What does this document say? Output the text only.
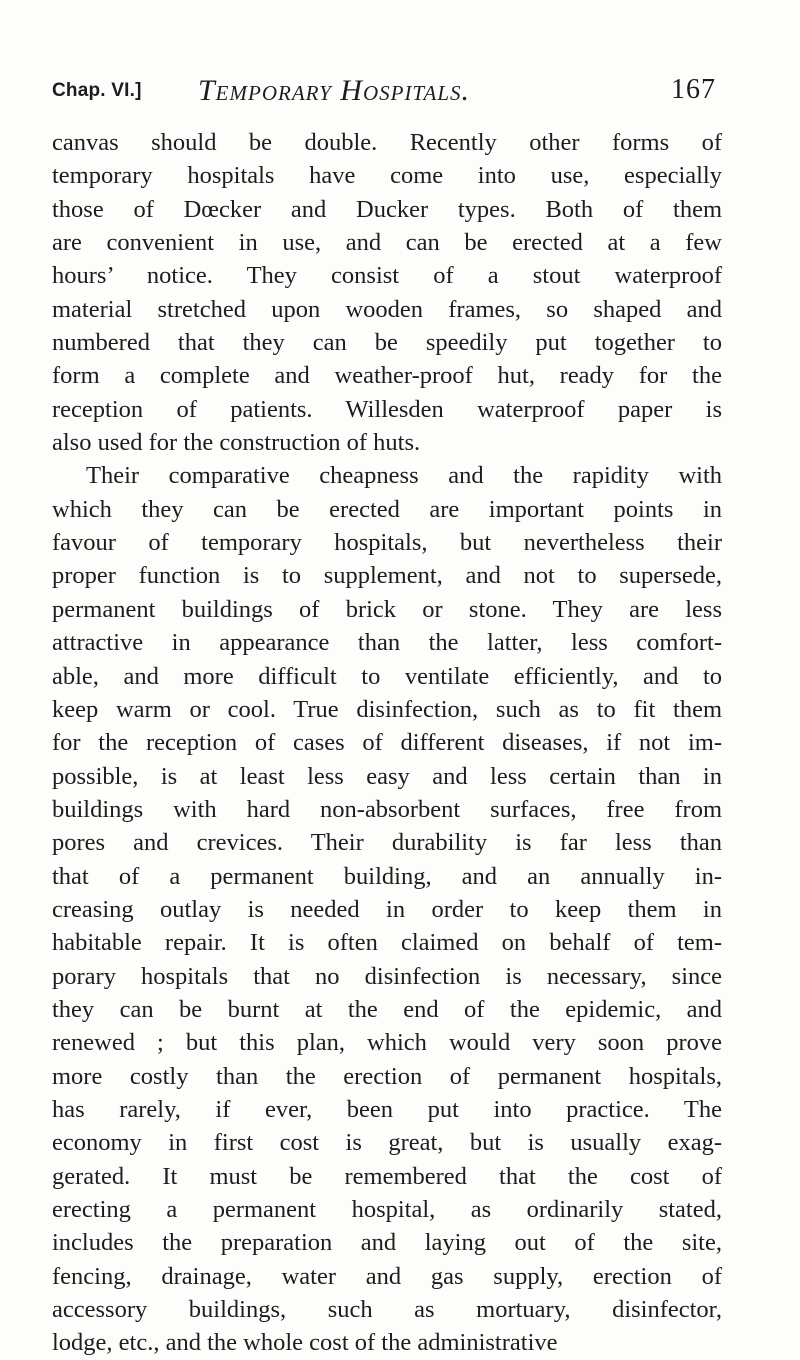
Chap. VI.] Temporary Hospitals.	167
canvas should be double. Recently other forms of
temporary hospitals have come into use, especially
those of Dœcker and Ducker types. Both of them
are convenient in use, and can be erected at a few
hours’ notice. They consist of a stout waterproof
material stretched upon wooden frames, so shaped and
numbered that they can be speedily put together to
form a complete and weather-proof hut, ready for the
reception of patients. Willesden waterproof paper is
also used for the construction of huts.
Their comparative cheapness and the rapidity with
which they can be erected are important points in
favour of temporary hospitals, but nevertheless their
proper function is to supplement, and not to supersede,
permanent buildings of brick or stone. They are less
attractive in appearance than the latter, less comfort-
able, and more difficult to ventilate efficiently, and to
keep warm or cool. True disinfection, such as to fit them
for the reception of cases of different diseases, if not im-
possible, is at least less easy and less certain than in
buildings with hard non-absorbent surfaces, free from
pores and crevices. Their durability is far less than
that of a permanent building, and an annually in-
creasing outlay is needed in order to keep them in
habitable repair. It is often claimed on behalf of tem-
porary hospitals that no disinfection is necessary, since
they can be burnt at the end of the epidemic, and
renewed ; but this plan, which would very soon prove
more costly than the erection of permanent hospitals,
has rarely, if ever, been put into practice. The
economy in first cost is great, but is usually exag-
gerated. It must be remembered that the cost of
erecting a permanent hospital, as ordinarily stated,
includes the preparation and laying out of the site,
fencing, drainage, water and gas supply, erection of
accessory buildings, such as mortuary, disinfector,
lodge, etc., and the whole cost of the administrative
